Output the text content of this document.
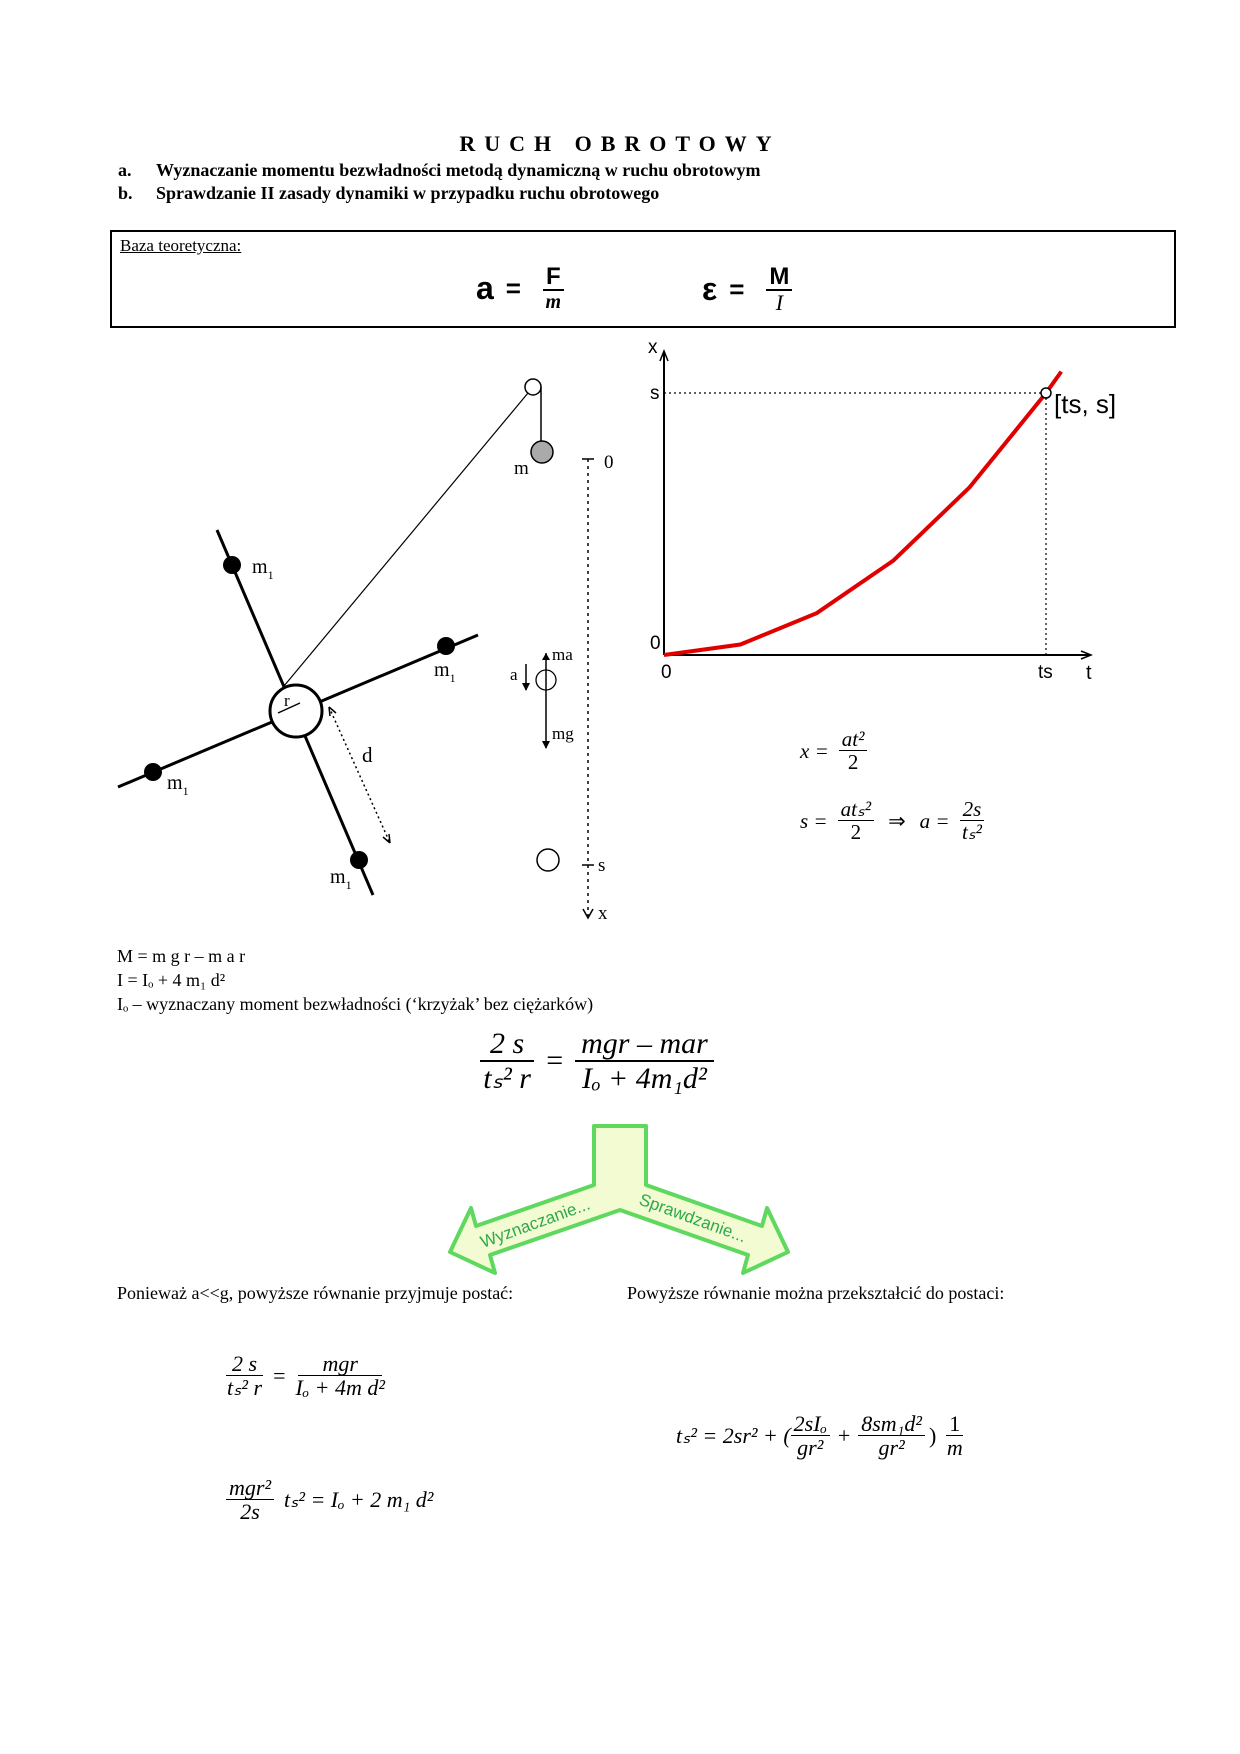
RUCH OBROTOWY
a. Wyznaczanie momentu bezwładności metodą dynamiczną w ruchu obrotowym
b. Sprawdzanie II zasady dynamiki w przypadku ruchu obrotowego
Baza teoretyczna:
$a = \frac{F}{m}$	$\varepsilon = \frac{M}{I}$
m	0
s
x
ma
mg
a
r
d
$m_1$
$m_1$
$m_1$
$m_1$
x
t
0
s
0	ts
[ts, s]
$x = \frac{\text{at²}}{2}$
$s = \frac{\text{atₛ²}}{2}$ ⇒ $a = \frac{2s}{\text{tₛ²}}$
M = m g r – m a r
I = Iₒ + 4 m₁ d²
Iₒ – wyznaczany moment bezwładności (‘krzyżak’ bez ciężarków)
$\frac{2 s}{\text{tₛ² r}} = \frac{\text{mgr – mar}}{\text{Iₒ + 4m₁d²}}$
Wyznaczanie...	Sprawdzanie...
Ponieważ a<<g, powyższe równanie przyjmuje postać:	Powyższe równanie można przekształcić do postaci:
$\frac{2 s}{\text{tₛ² r}} = \frac{\text{mgr}}{\text{Iₒ + 4m d²}}$
$\frac{\text{mgr²}}{2s} t_s^2 = I_o + 2$ m₁ d²
tₛ² = 2sr² + ( $\frac{\text{2sIₒ}}{\text{gr²}} + \frac{\text{8sm₁d²}}{\text{gr²}}$ ) $\frac{1}{m}$
